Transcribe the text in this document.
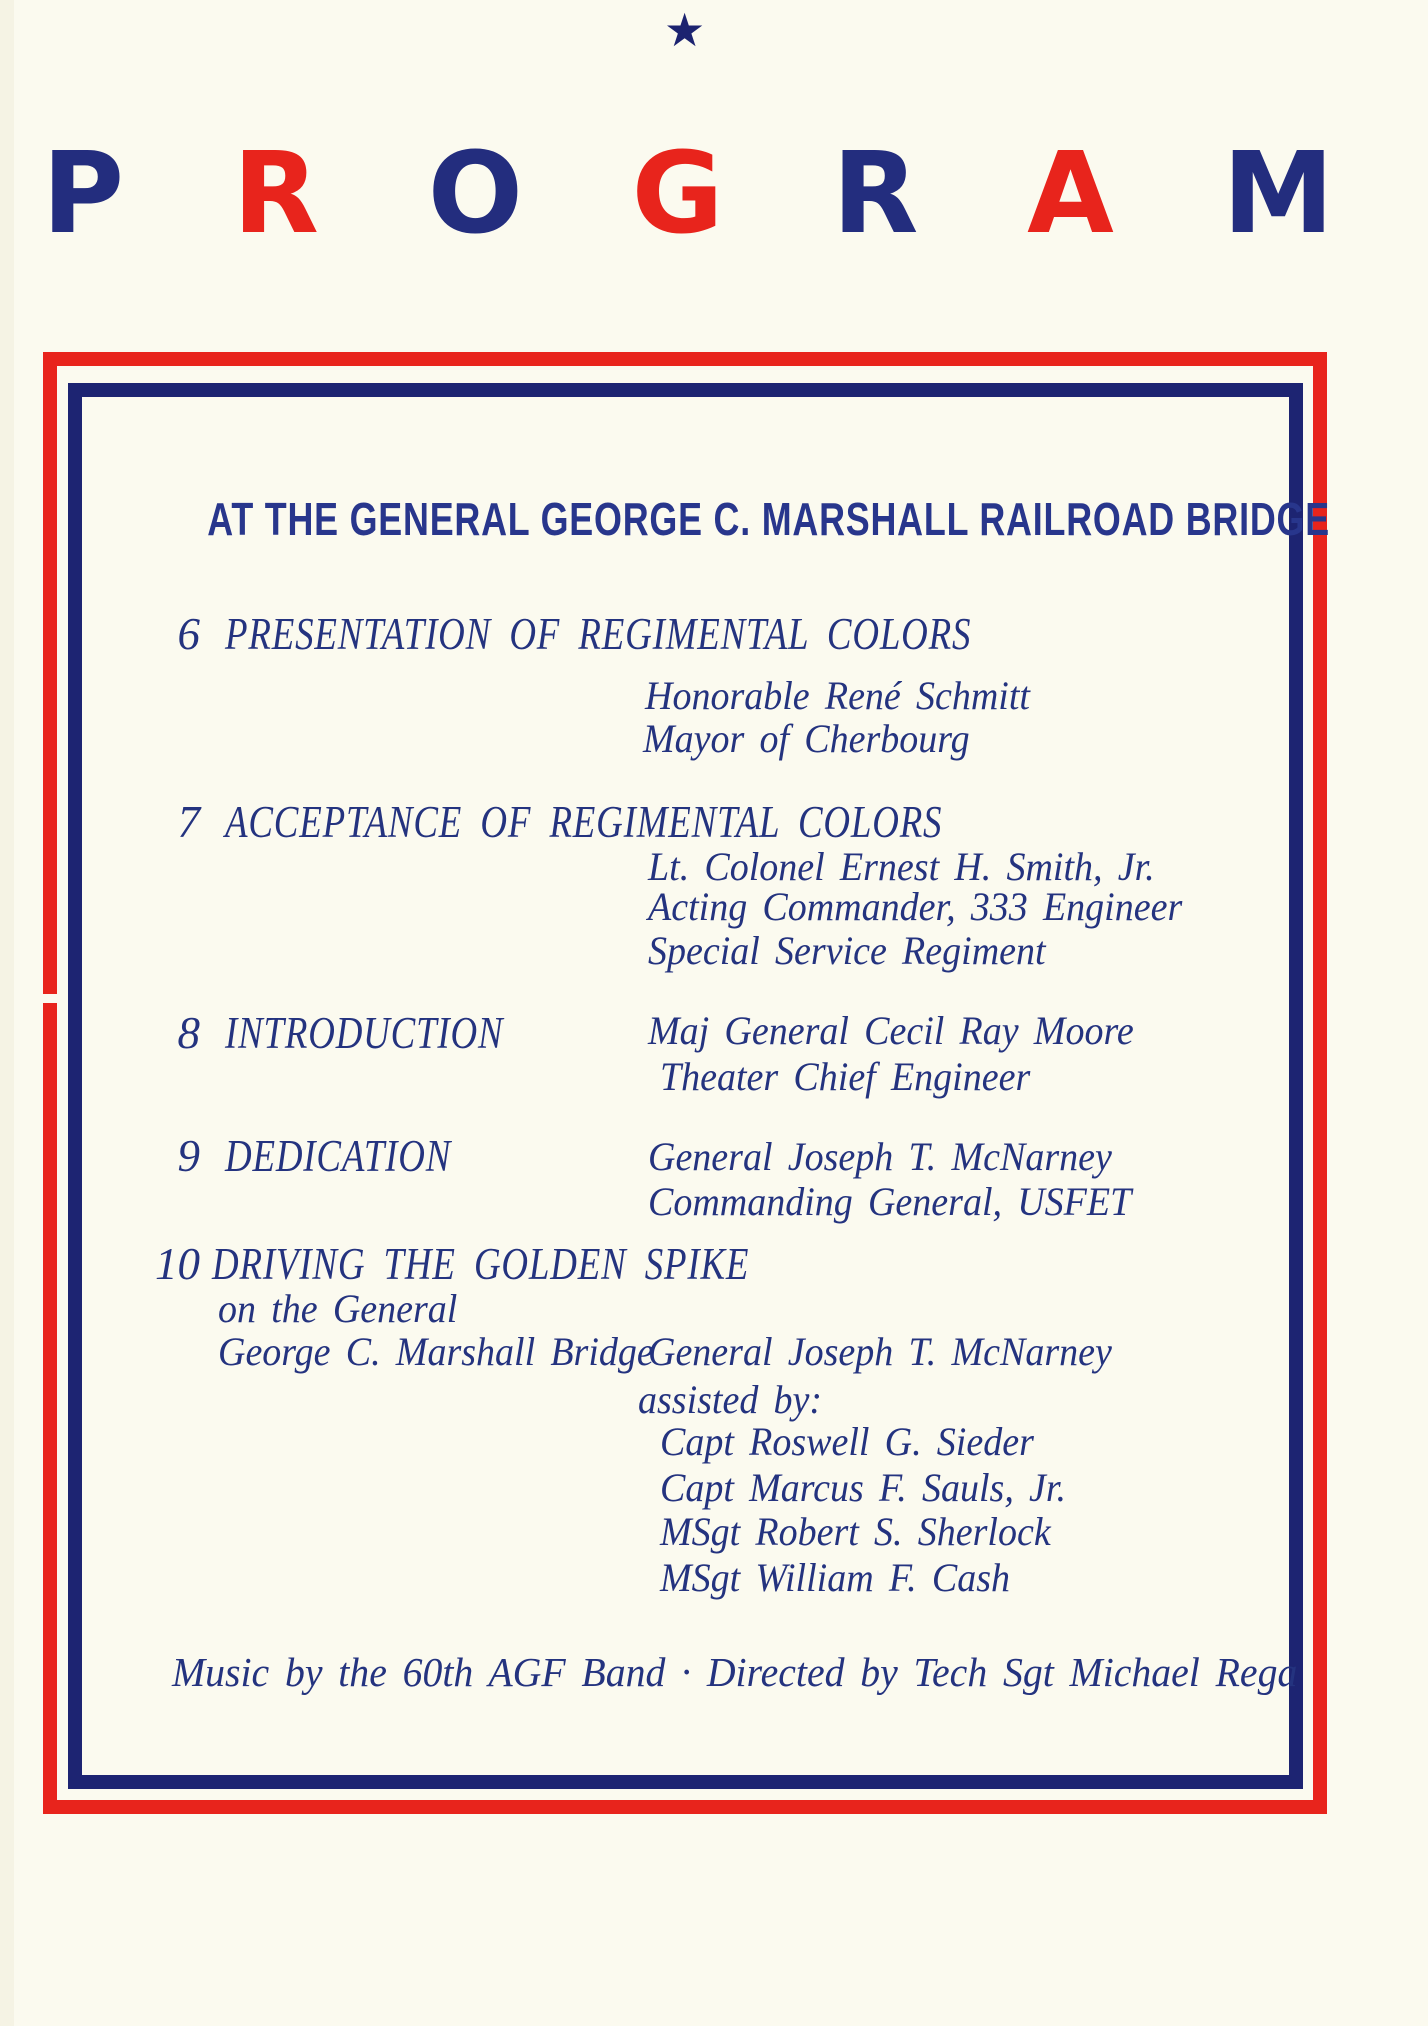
★
P R O G R A M
AT THE GENERAL GEORGE C. MARSHALL RAILROAD BRIDGE
6 PRESENTATION OF REGIMENTAL COLORS
Honorable René Schmitt
Mayor of Cherbourg
7 ACCEPTANCE OF REGIMENTAL COLORS
Lt. Colonel Ernest H. Smith, Jr.
Acting Commander, 333 Engineer
Special Service Regiment
8 INTRODUCTION	Maj General Cecil Ray Moore
Theater Chief Engineer
9 DEDICATION	General Joseph T. McNarney
Commanding General, USFET
10 DRIVING THE GOLDEN SPIKE
on the General
George C. Marshall Bridge
General Joseph T. McNarney
assisted by:
Capt Roswell G. Sieder
Capt Marcus F. Sauls, Jr.
MSgt Robert S. Sherlock
MSgt William F. Cash
Music by the 60th AGF Band · Directed by Tech Sgt Michael Rega
